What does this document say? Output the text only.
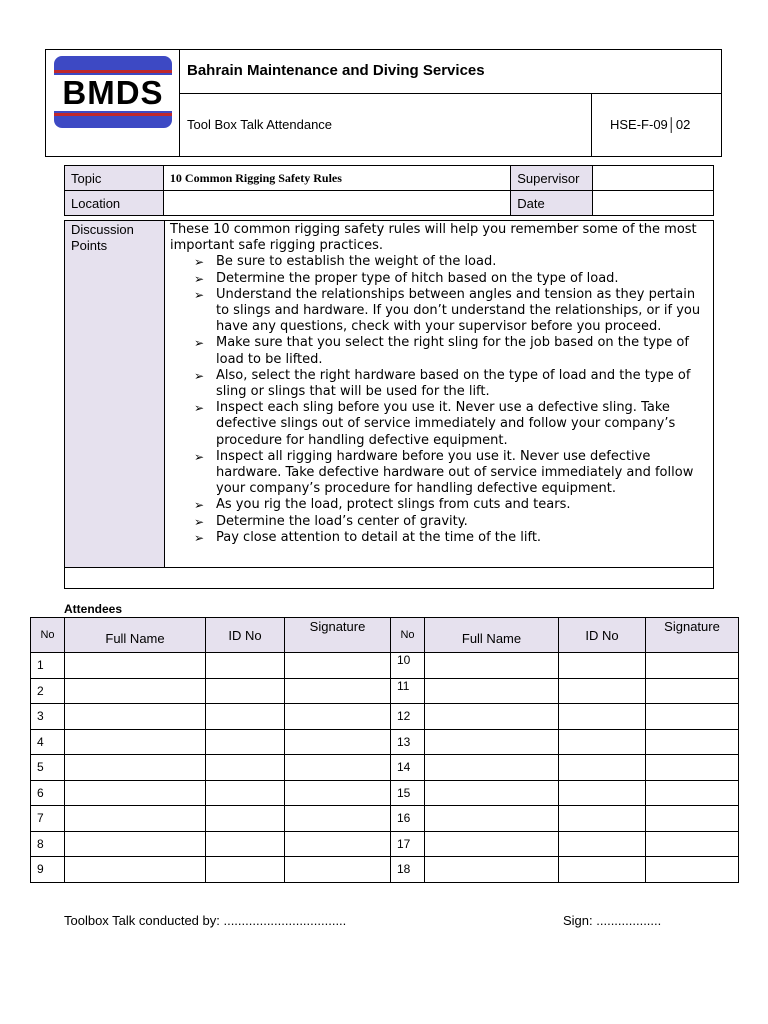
BMDS
Bahrain Maintenance and Diving Services
Tool Box Talk Attendance	HSE-F-09│02
Topic	10 Common Rigging Safety Rules	Supervisor	
Location		Date	
Discussion Points
These 10 common rigging safety rules will help you remember some of the most important safe rigging practices.
➢ Be sure to establish the weight of the load.
➢ Determine the proper type of hitch based on the type of load.
➢ Understand the relationships between angles and tension as they pertain to slings and hardware. If you don’t understand the relationships, or if you have any questions, check with your supervisor before you proceed.
➢ Make sure that you select the right sling for the job based on the type of load to be lifted.
➢ Also, select the right hardware based on the type of load and the type of sling or slings that will be used for the lift.
➢ Inspect each sling before you use it. Never use a defective sling. Take defective slings out of service immediately and follow your company’s procedure for handling defective equipment.
➢ Inspect all rigging hardware before you use it. Never use defective hardware. Take defective hardware out of service immediately and follow your company’s procedure for handling defective equipment.
➢ As you rig the load, protect slings from cuts and tears.
➢ Determine the load’s center of gravity.
➢ Pay close attention to detail at the time of the lift.
Attendees
No	Full Name	ID No	Signature	No	Full Name	ID No	Signature
1				10			
2				11			
3				12			
4				13			
5				14			
6				15			
7				16			
8				17			
9				18			
Toolbox Talk conducted by: ..................................	Sign: ..................
